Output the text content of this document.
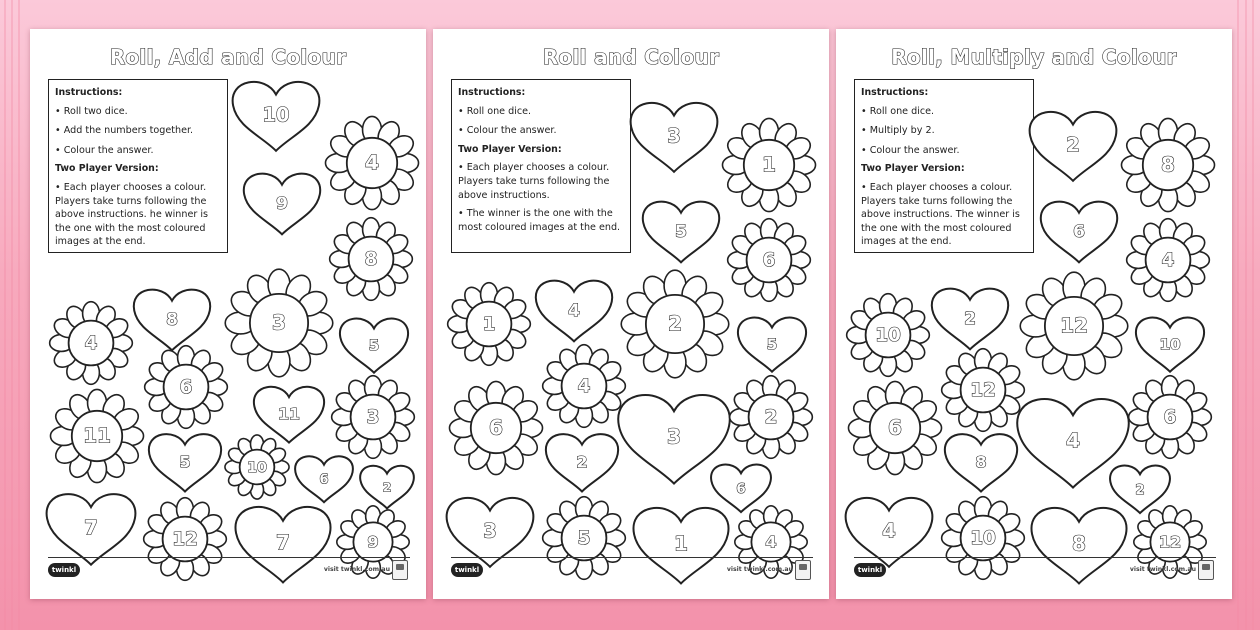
Roll, Add and Colour
Instructions:
• Roll two dice.
• Add the numbers together.
• Colour the answer.
Two Player Version:
• Each player chooses a colour. Players take turns following the above instructions. he winner is the one with the most coloured images at the end.
10
4
9
8
4
8	3
5
6
11	3
11
5	10
6	2
7	12	7	9
twinkl	visit twinkl.com.au
Roll and Colour
Instructions:
• Roll one dice.
• Colour the answer.
Two Player Version:
• Each player chooses a colour. Players take turns following the above instructions.
• The winner is the one with the most coloured images at the end.
3
1
5
6
1
4
2
5
4
6	3
2
2
6
3	5	1	4
twinkl	visit twinkl.com.au
Roll, Multiply and Colour
Instructions:
• Roll one dice.
• Multiply by 2.
• Colour the answer.
Two Player Version:
• Each player chooses a colour. Players take turns following the above instructions. The winner is the one with the most coloured images at the end.
2
8
6
4
10
2	12
10
12
6
4
6
8
2
4	10	8	12
twinkl	visit twinkl.com.au
